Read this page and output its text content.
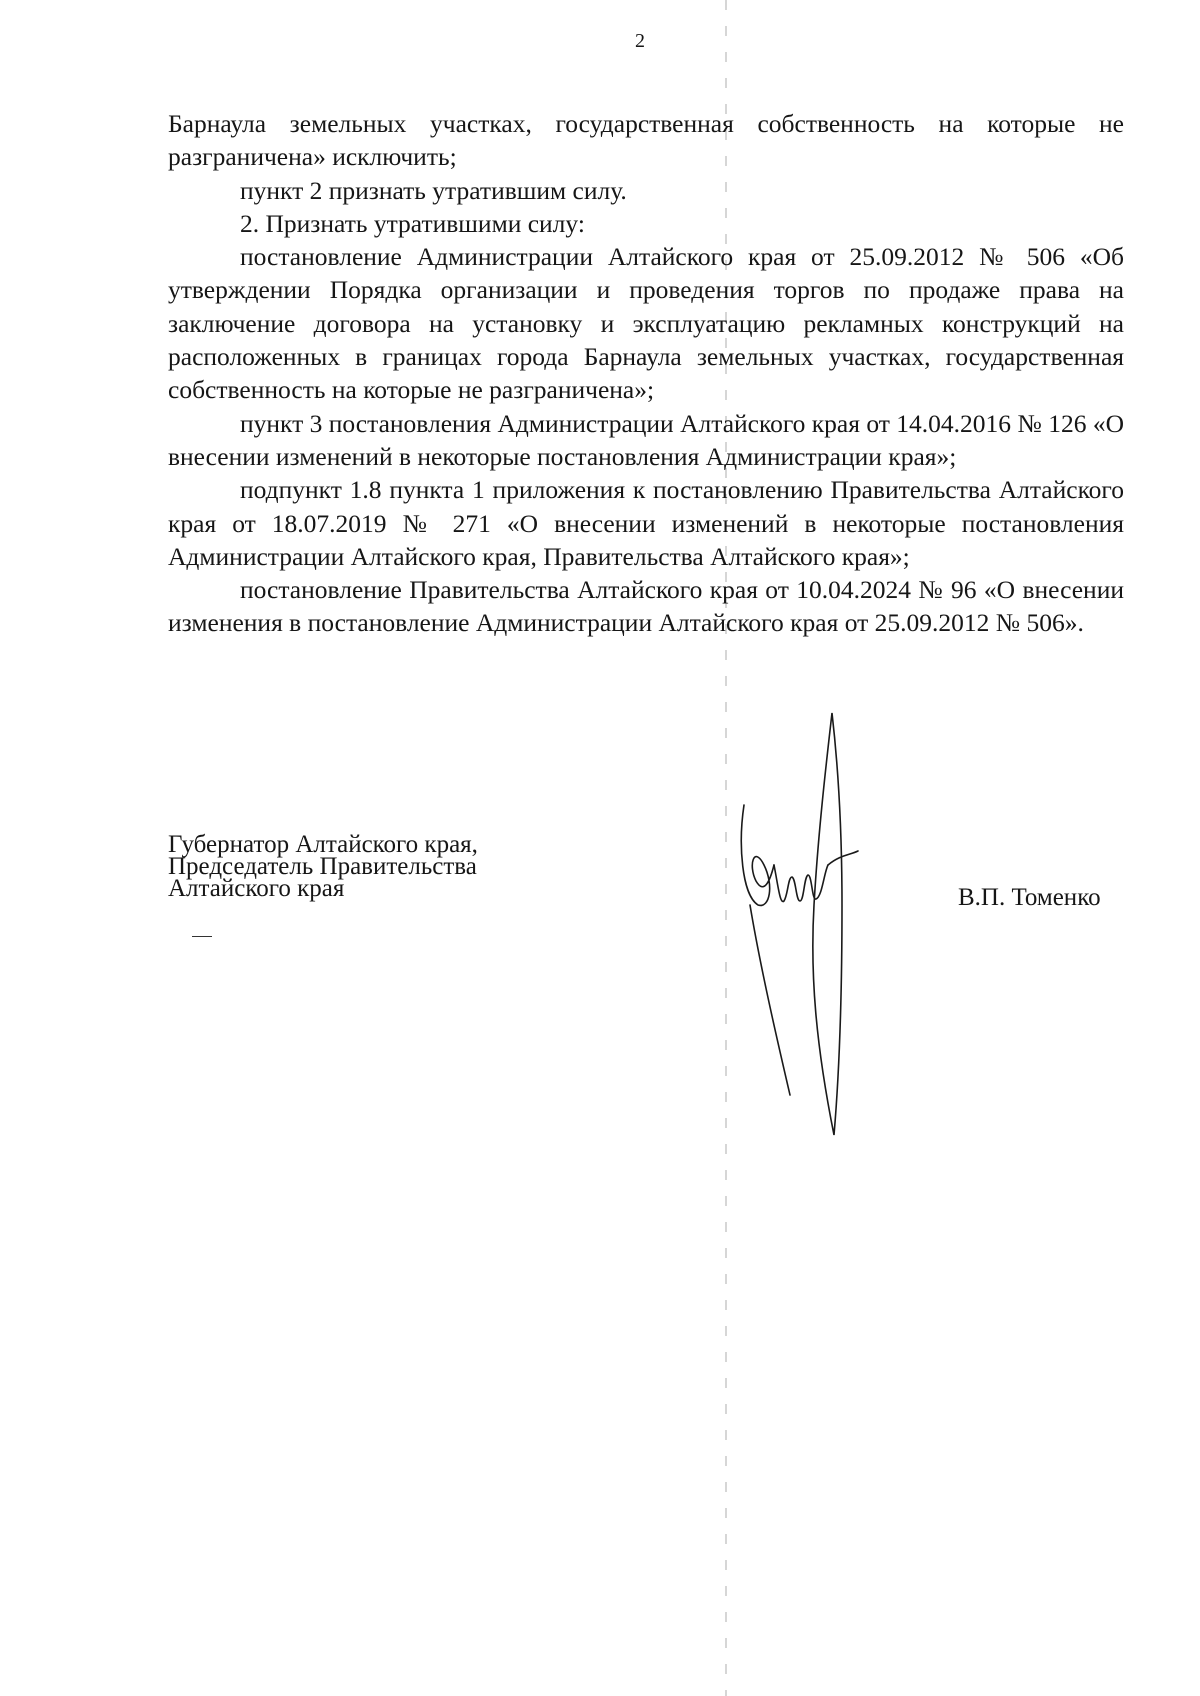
2

Барнаула земельных участках, государственная собственность на которые не разграничена» исключить;

пункт 2 признать утратившим силу.

2. Признать утратившими силу:

постановление Администрации Алтайского края от 25.09.2012 № 506 «Об утверждении Порядка организации и проведения торгов по продаже права на заключение договора на установку и эксплуатацию рекламных конструкций на расположенных в границах города Барнаула земельных участках, государственная собственность на которые не разграничена»;

пункт 3 постановления Администрации Алтайского края от 14.04.2016 № 126 «О внесении изменений в некоторые постановления Администрации края»;

подпункт 1.8 пункта 1 приложения к постановлению Правительства Алтайского края от 18.07.2019 № 271 «О внесении изменений в некоторые постановления Администрации Алтайского края, Правительства Алтайского края»;

постановление Правительства Алтайского края от 10.04.2024 № 96 «О внесении изменения в постановление Администрации Алтайского края от 25.09.2012 № 506».

Губернатор Алтайского края,
Председатель Правительства
Алтайского края	В.П. Томенко
